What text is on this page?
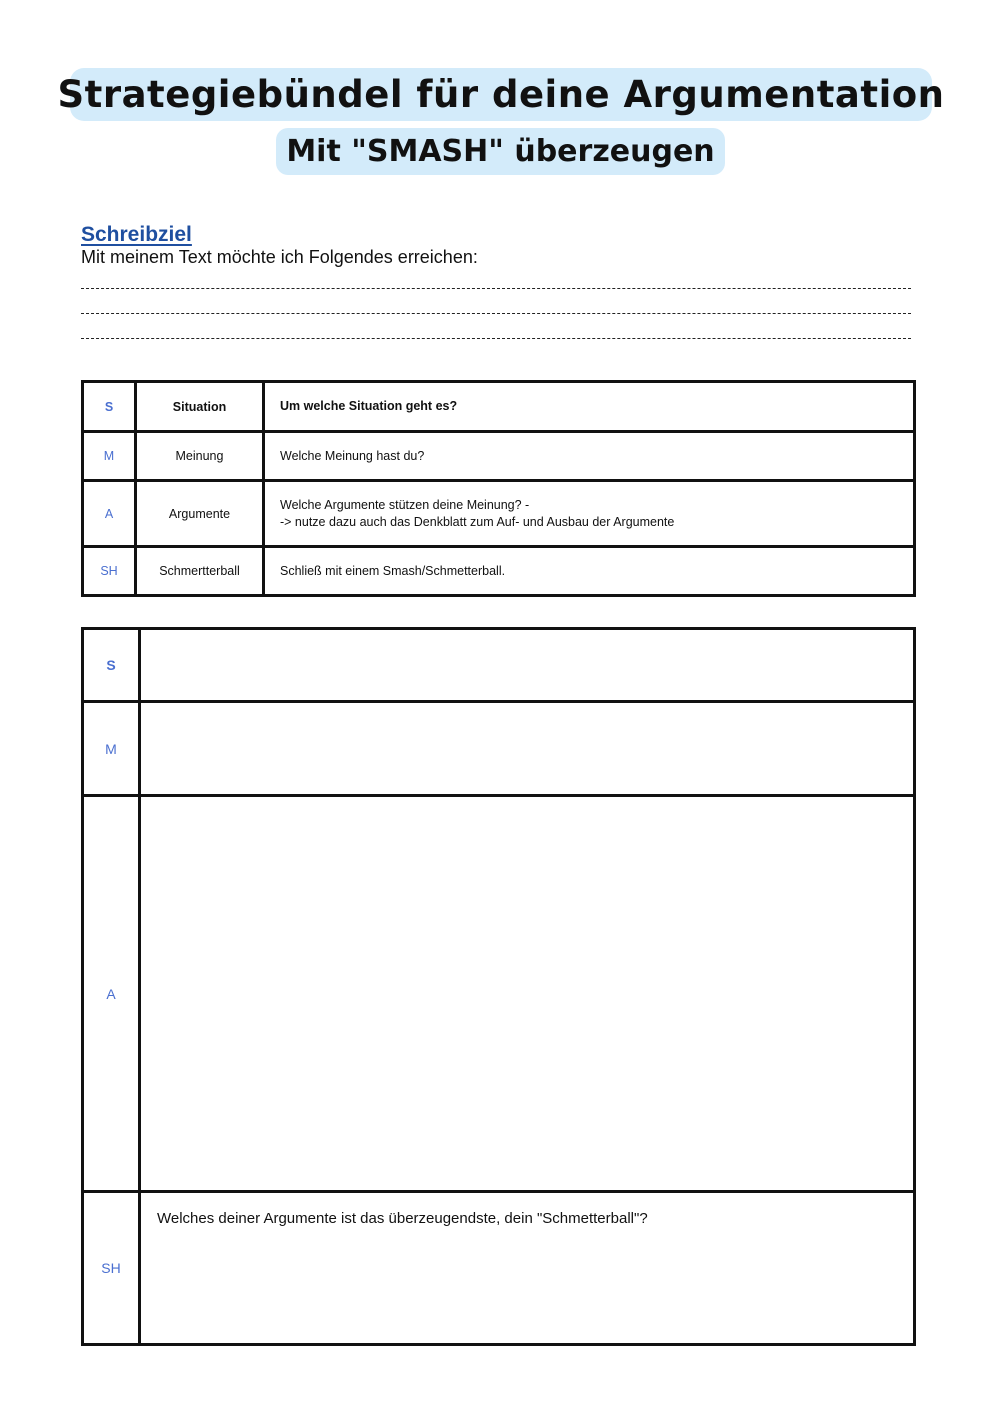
Strategiebündel für deine Argumentation
Mit "SMASH" überzeugen
Schreibziel
Mit meinem Text möchte ich Folgendes erreichen:
S	Situation	Um welche Situation geht es?
M	Meinung	Welche Meinung hast du?
A	Argumente	Welche Argumente stützen deine Meinung? -
-> nutze dazu auch das Denkblatt zum Auf- und Ausbau der Argumente

SH	Schmertterball	Schließ mit einem Smash/Schmetterball.
S	
M	
A	
SH	Welches deiner Argumente ist das überzeugendste, dein "Schmetterball"?
